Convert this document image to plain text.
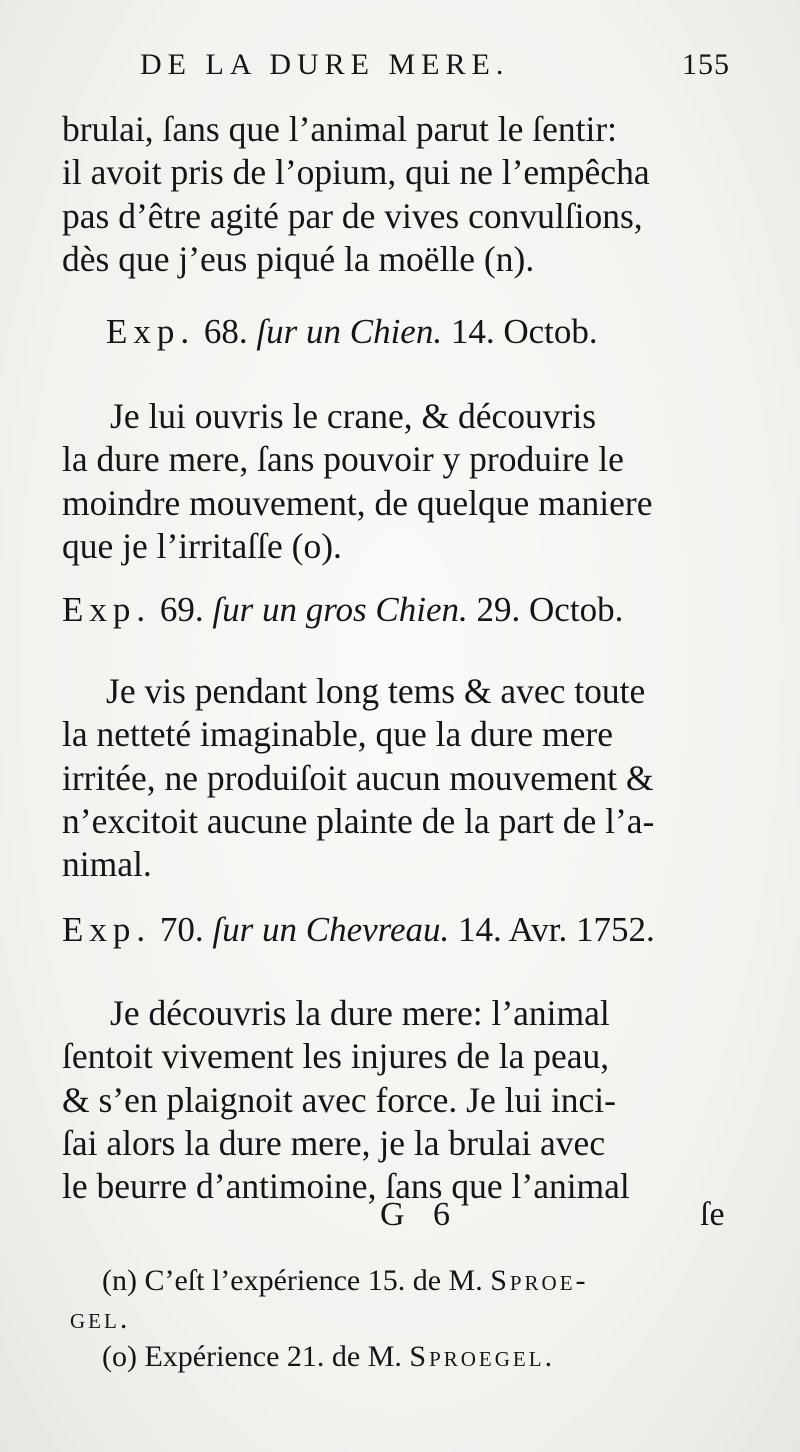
DE LA DURE MERE.	155
brulai, ſans que l’animal parut le ſentir:
il avoit pris de l’opium, qui ne l’empêcha
pas d’être agité par de vives convulſions,
dès que j’eus piqué la moëlle (n).
Exp. 68. ſur un Chien. 14. Octob.
Je lui ouvris le crane, & découvris
la dure mere, ſans pouvoir y produire le
moindre mouvement, de quelque maniere
que je l’irritaſſe (o).
Exp. 69. ſur un gros Chien. 29. Octob.
Je vis pendant long tems & avec toute
la netteté imaginable, que la dure mere
irritée, ne produiſoit aucun mouvement &
n’excitoit aucune plainte de la part de l’a-
nimal.
Exp. 70. ſur un Chevreau. 14. Avr. 1752.
Je découvris la dure mere: l’animal
ſentoit vivement les injures de la peau,
& s’en plaignoit avec force. Je lui inci-
ſai alors la dure mere, je la brulai avec
le beurre d’antimoine, ſans que l’animal
G 6	ſe
(n) C’eſt l’expérience 15. de M. Sproe-
gel.
(o) Expérience 21. de M. Sproegel.
